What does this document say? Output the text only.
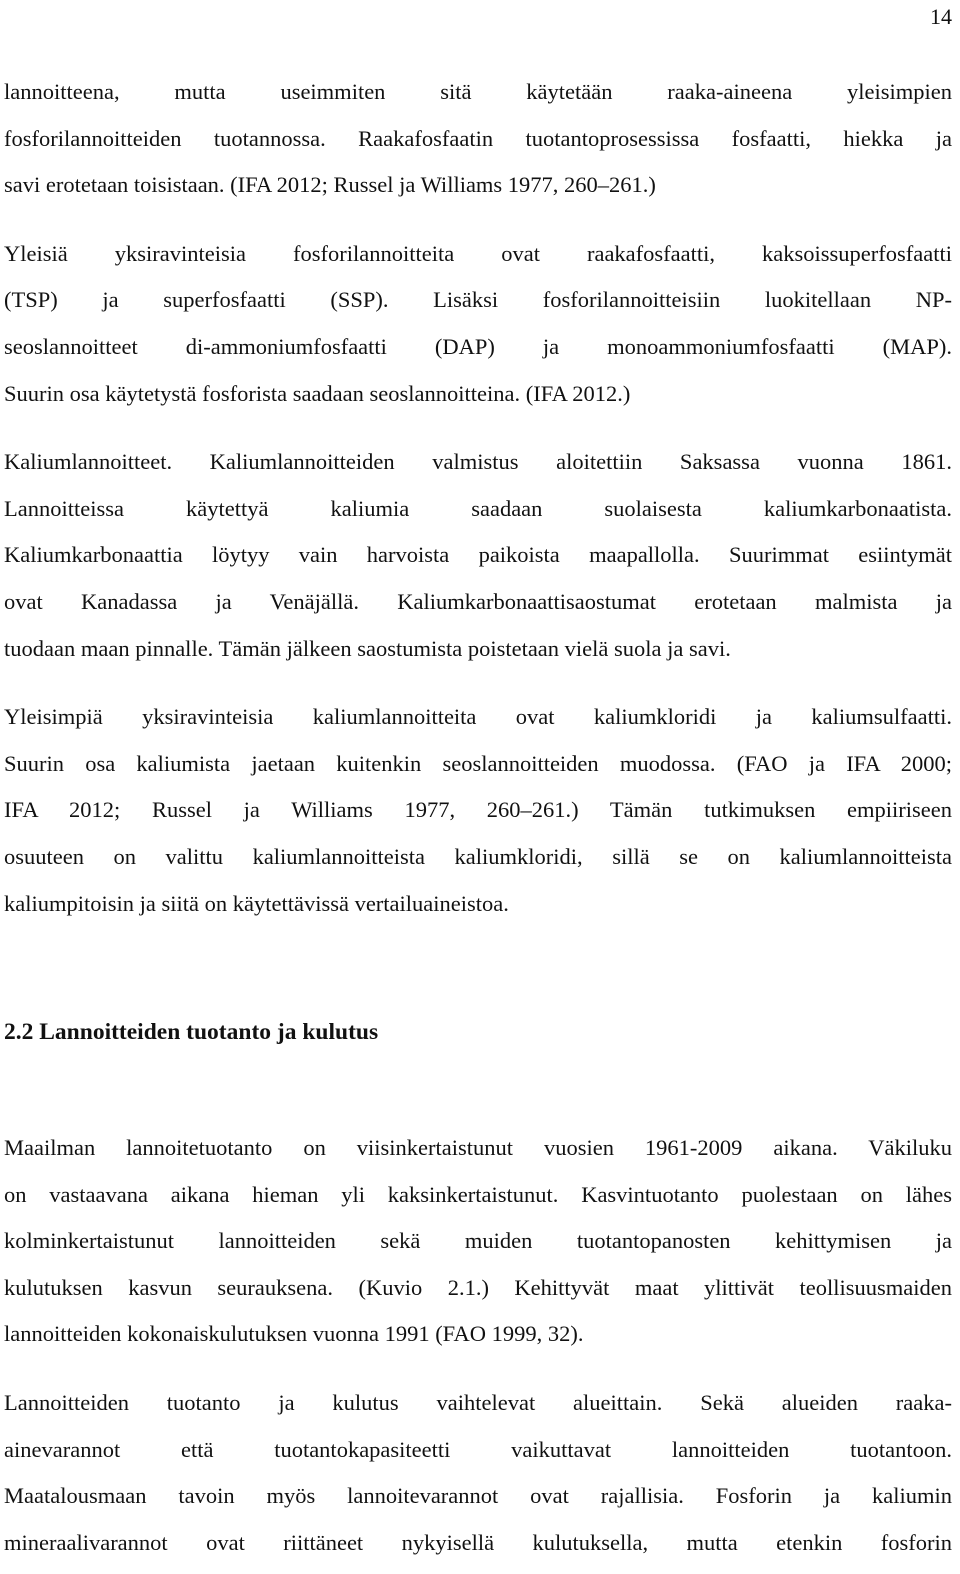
14
lannoitteena, mutta useimmiten sitä käytetään raaka-aineena yleisimpien
fosforilannoitteiden tuotannossa. Raakafosfaatin tuotantoprosessissa fosfaatti, hiekka ja
savi erotetaan toisistaan. (IFA 2012; Russel ja Williams 1977, 260–261.)
Yleisiä yksiravinteisia fosforilannoitteita ovat raakafosfaatti, kaksoissuperfosfaatti
(TSP) ja superfosfaatti (SSP). Lisäksi fosforilannoitteisiin luokitellaan NP-
seoslannoitteet di-ammoniumfosfaatti (DAP) ja monoammoniumfosfaatti (MAP).
Suurin osa käytetystä fosforista saadaan seoslannoitteina. (IFA 2012.)
Kaliumlannoitteet. Kaliumlannoitteiden valmistus aloitettiin Saksassa vuonna 1861.
Lannoitteissa käytettyä kaliumia saadaan suolaisesta kaliumkarbonaatista.
Kaliumkarbonaattia löytyy vain harvoista paikoista maapallolla. Suurimmat esiintymät
ovat Kanadassa ja Venäjällä. Kaliumkarbonaattisaostumat erotetaan malmista ja
tuodaan maan pinnalle. Tämän jälkeen saostumista poistetaan vielä suola ja savi.
Yleisimpiä yksiravinteisia kaliumlannoitteita ovat kaliumkloridi ja kaliumsulfaatti.
Suurin osa kaliumista jaetaan kuitenkin seoslannoitteiden muodossa. (FAO ja IFA 2000;
IFA 2012; Russel ja Williams 1977, 260–261.) Tämän tutkimuksen empiiriseen
osuuteen on valittu kaliumlannoitteista kaliumkloridi, sillä se on kaliumlannoitteista
kaliumpitoisin ja siitä on käytettävissä vertailuaineistoa.
2.2 Lannoitteiden tuotanto ja kulutus
Maailman lannoitetuotanto on viisinkertaistunut vuosien 1961-2009 aikana. Väkiluku
on vastaavana aikana hieman yli kaksinkertaistunut. Kasvintuotanto puolestaan on lähes
kolminkertaistunut lannoitteiden sekä muiden tuotantopanosten kehittymisen ja
kulutuksen kasvun seurauksena. (Kuvio 2.1.) Kehittyvät maat ylittivät teollisuusmaiden
lannoitteiden kokonaiskulutuksen vuonna 1991 (FAO 1999, 32).
Lannoitteiden tuotanto ja kulutus vaihtelevat alueittain. Sekä alueiden raaka-
ainevarannot että tuotantokapasiteetti vaikuttavat lannoitteiden tuotantoon.
Maatalousmaan tavoin myös lannoitevarannot ovat rajallisia. Fosforin ja kaliumin
mineraalivarannot ovat riittäneet nykyisellä kulutuksella, mutta etenkin fosforin
